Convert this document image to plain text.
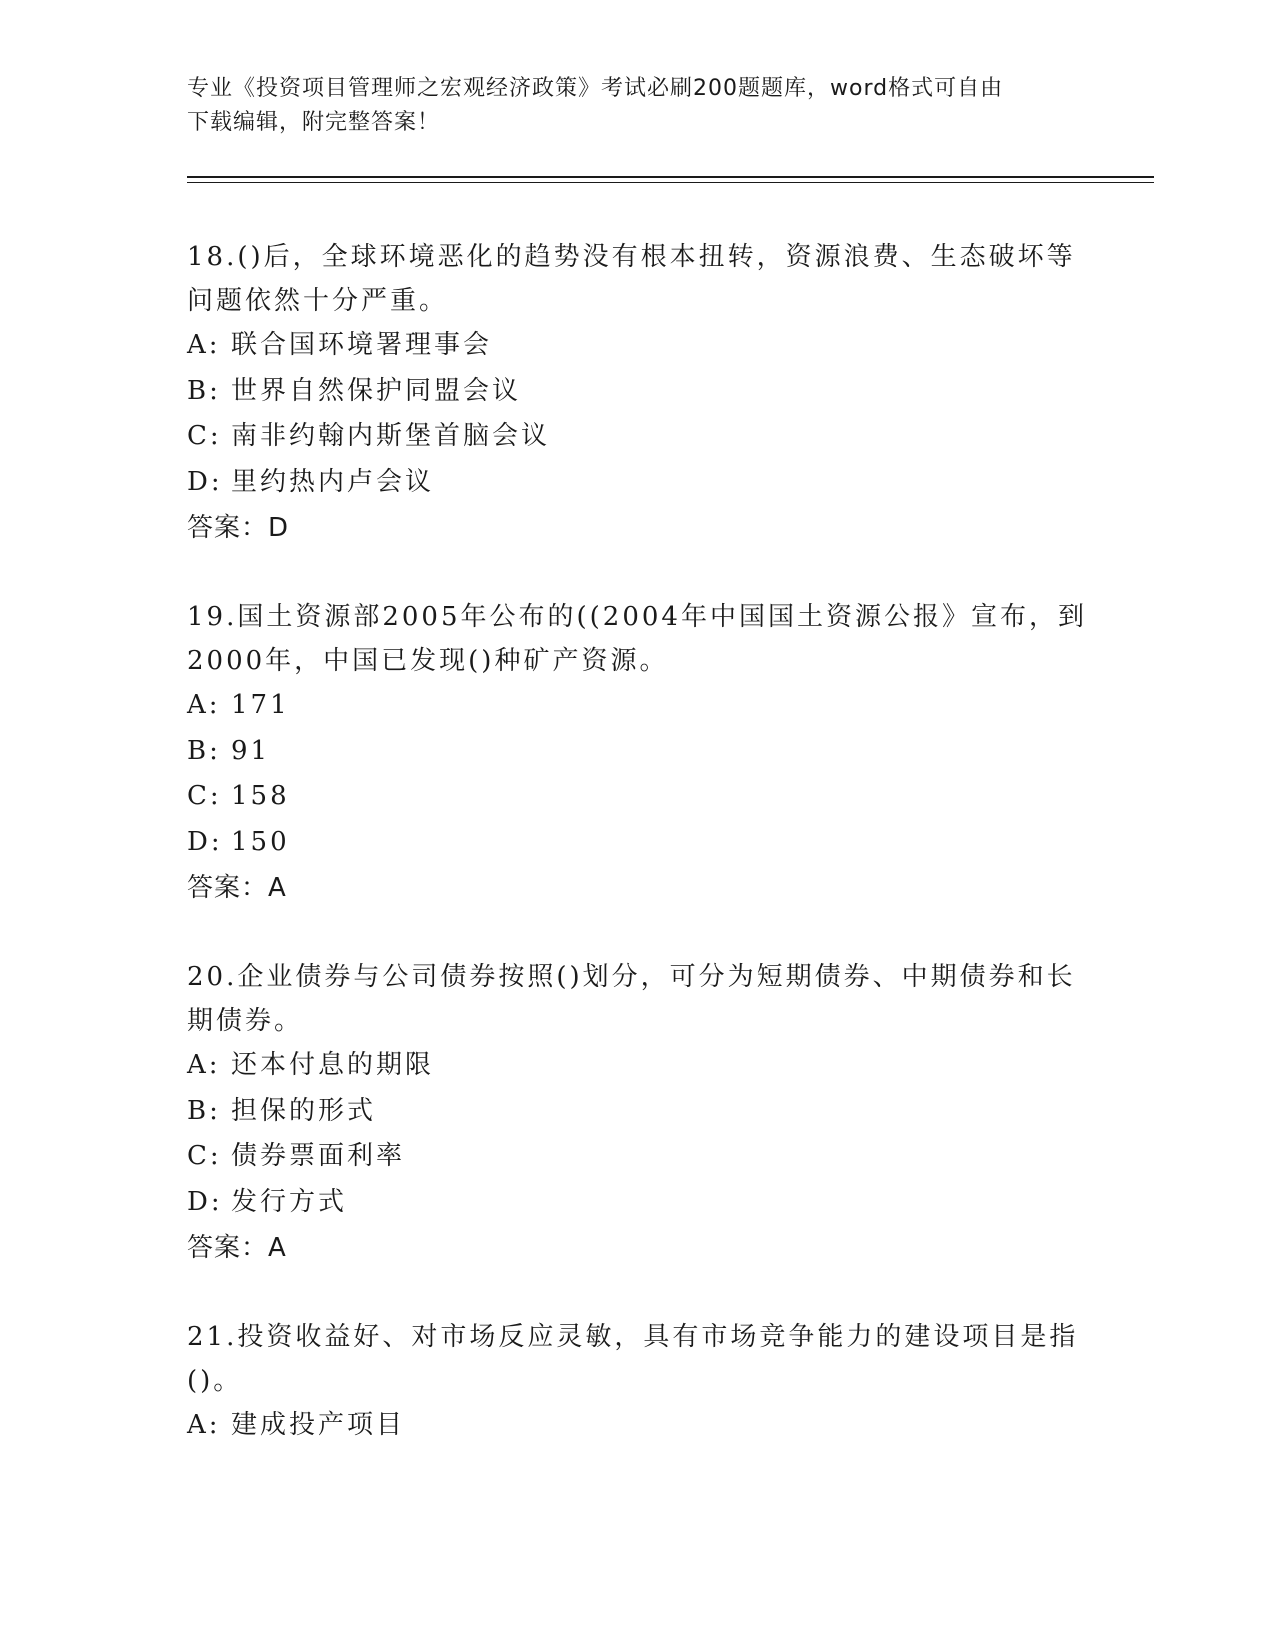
专业《投资项目管理师之宏观经济政策》考试必刷200题题库，word格式可自由
下载编辑，附完整答案！

18.()后，全球环境恶化的趋势没有根本扭转，资源浪费、生态破坏等问题依然十分严重。

A: 联合国环境署理事会

B: 世界自然保护同盟会议

C: 南非约翰内斯堡首脑会议

D: 里约热内卢会议

答案：D

19.国土资源部2005年公布的((2004年中国国土资源公报》宣布，到2000年，中国已发现()种矿产资源。

A: 171

B: 91

C: 158

D: 150

答案：A

20.企业债券与公司债券按照()划分，可分为短期债券、中期债券和长期债券。

A: 还本付息的期限

B: 担保的形式

C: 债券票面利率

D: 发行方式

答案：A

21.投资收益好、对市场反应灵敏，具有市场竞争能力的建设项目是指()。

A: 建成投产项目
